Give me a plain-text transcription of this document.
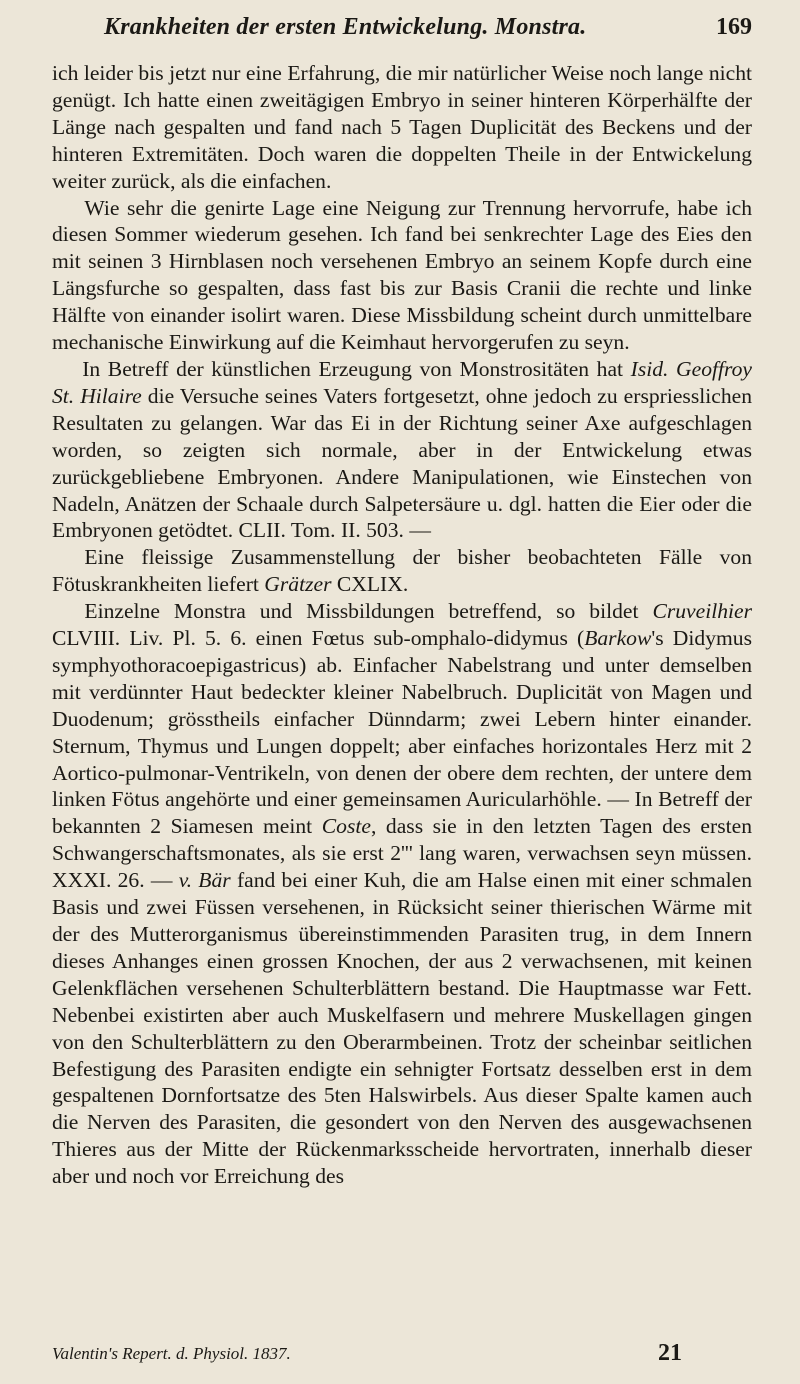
Krankheiten der ersten Entwickelung. Monstra.	169

ich leider bis jetzt nur eine Erfahrung, die mir natürlicher Weise noch lange nicht genügt. Ich hatte einen zweitägigen Embryo in seiner hinteren Körperhälfte der Länge nach gespalten und fand nach 5 Tagen Duplicität des Beckens und der hinteren Extremitäten. Doch waren die doppelten Theile in der Entwickelung weiter zurück, als die einfachen.

Wie sehr die genirte Lage eine Neigung zur Trennung hervorrufe, habe ich diesen Sommer wiederum gesehen. Ich fand bei senkrechter Lage des Eies den mit seinen 3 Hirnblasen noch versehenen Embryo an seinem Kopfe durch eine Längsfurche so gespalten, dass fast bis zur Basis Cranii die rechte und linke Hälfte von einander isolirt waren. Diese Missbildung scheint durch unmittelbare mechanische Einwirkung auf die Keimhaut hervorgerufen zu seyn.

In Betreff der künstlichen Erzeugung von Monstrositäten hat Isid. Geoffroy St. Hilaire die Versuche seines Vaters fortgesetzt, ohne jedoch zu erspriesslichen Resultaten zu gelangen. War das Ei in der Richtung seiner Axe aufgeschlagen worden, so zeigten sich normale, aber in der Entwickelung etwas zurückgebliebene Embryonen. Andere Manipulationen, wie Einstechen von Nadeln, Anätzen der Schaale durch Salpetersäure u. dgl. hatten die Eier oder die Embryonen getödtet. CLII. Tom. II. 503. —

Eine fleissige Zusammenstellung der bisher beobachteten Fälle von Fötuskrankheiten liefert Grätzer CXLIX.

Einzelne Monstra und Missbildungen betreffend, so bildet Cruveilhier CLVIII. Liv. Pl. 5. 6. einen Fœtus sub-omphalo-didymus (Barkow's Didymus symphyothoracoepigastricus) ab. Einfacher Nabelstrang und unter demselben mit verdünnter Haut bedeckter kleiner Nabelbruch. Duplicität von Magen und Duodenum; grösstheils einfacher Dünndarm; zwei Lebern hinter einander. Sternum, Thymus und Lungen doppelt; aber einfaches horizontales Herz mit 2 Aortico-pulmonar-Ventrikeln, von denen der obere dem rechten, der untere dem linken Fötus angehörte und einer gemeinsamen Auricularhöhle. — In Betreff der bekannten 2 Siamesen meint Coste, dass sie in den letzten Tagen des ersten Schwangerschaftsmonates, als sie erst 2''' lang waren, verwachsen seyn müssen. XXXI. 26. — v. Bär fand bei einer Kuh, die am Halse einen mit einer schmalen Basis und zwei Füssen versehenen, in Rücksicht seiner thierischen Wärme mit der des Mutterorganismus übereinstimmenden Parasiten trug, in dem Innern dieses Anhanges einen grossen Knochen, der aus 2 verwachsenen, mit keinen Gelenkflächen versehenen Schulterblättern bestand. Die Hauptmasse war Fett. Nebenbei existirten aber auch Muskelfasern und mehrere Muskellagen gingen von den Schulterblättern zu den Oberarmbeinen. Trotz der scheinbar seitlichen Befestigung des Parasiten endigte ein sehnigter Fortsatz desselben erst in dem gespaltenen Dornfortsatze des 5ten Halswirbels. Aus dieser Spalte kamen auch die Nerven des Parasiten, die gesondert von den Nerven des ausgewachsenen Thieres aus der Mitte der Rückenmarksscheide hervortraten, innerhalb dieser aber und noch vor Erreichung des

Valentin's Repert. d. Physiol. 1837.	21
